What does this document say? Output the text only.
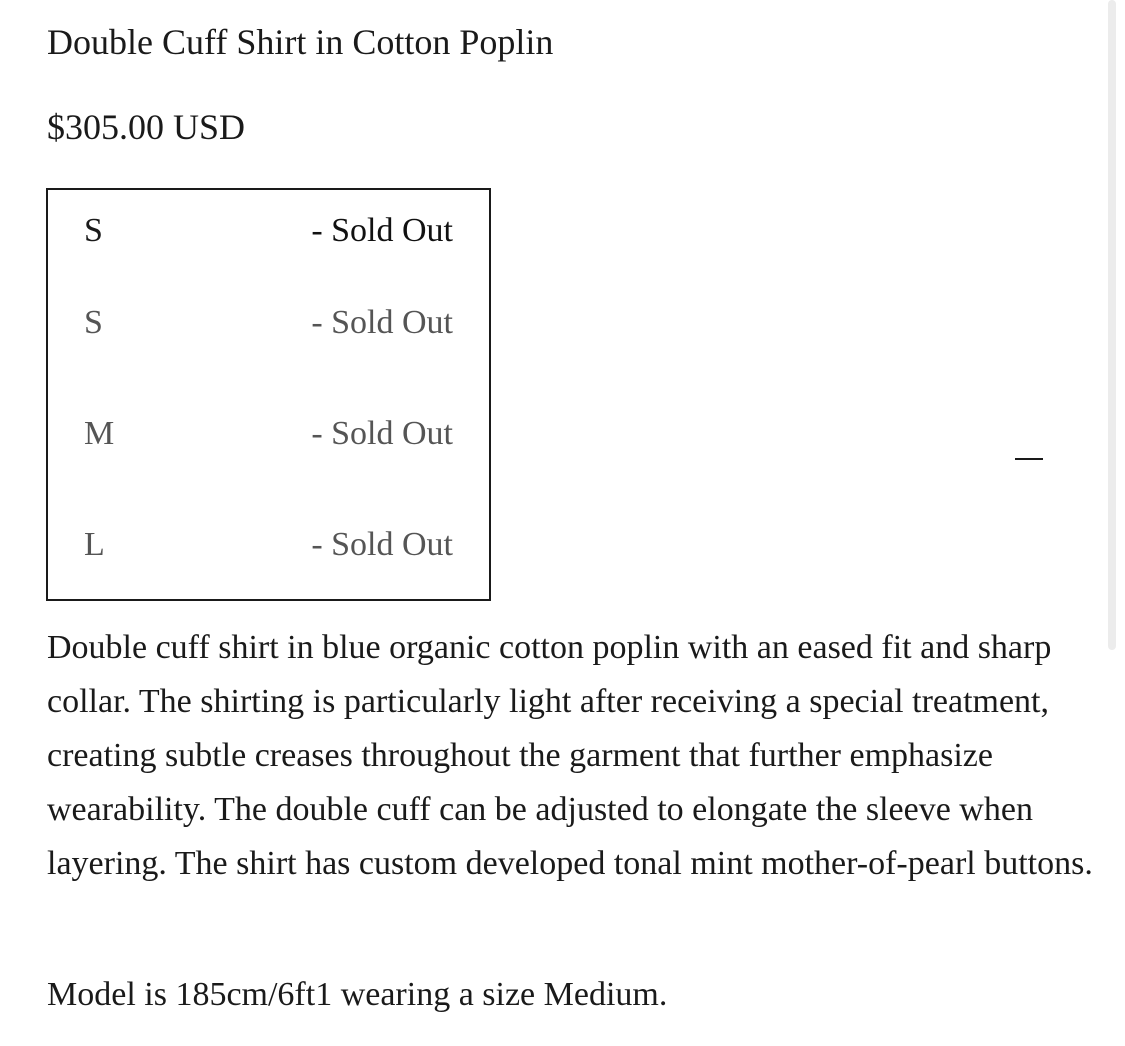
Double Cuff Shirt in Cotton Poplin
$305.00 USD
S	- Sold Out
S	- Sold Out
M	- Sold Out
L	- Sold Out

Double cuff shirt in blue organic cotton poplin with an eased fit and sharp collar. The shirting is particularly light after receiving a special treatment, creating subtle creases throughout the garment that further emphasize wearability. The double cuff can be adjusted to elongate the sleeve when layering. The shirt has custom developed tonal mint mother-of-pearl buttons.

Model is 185cm/6ft1 wearing a size Medium.
